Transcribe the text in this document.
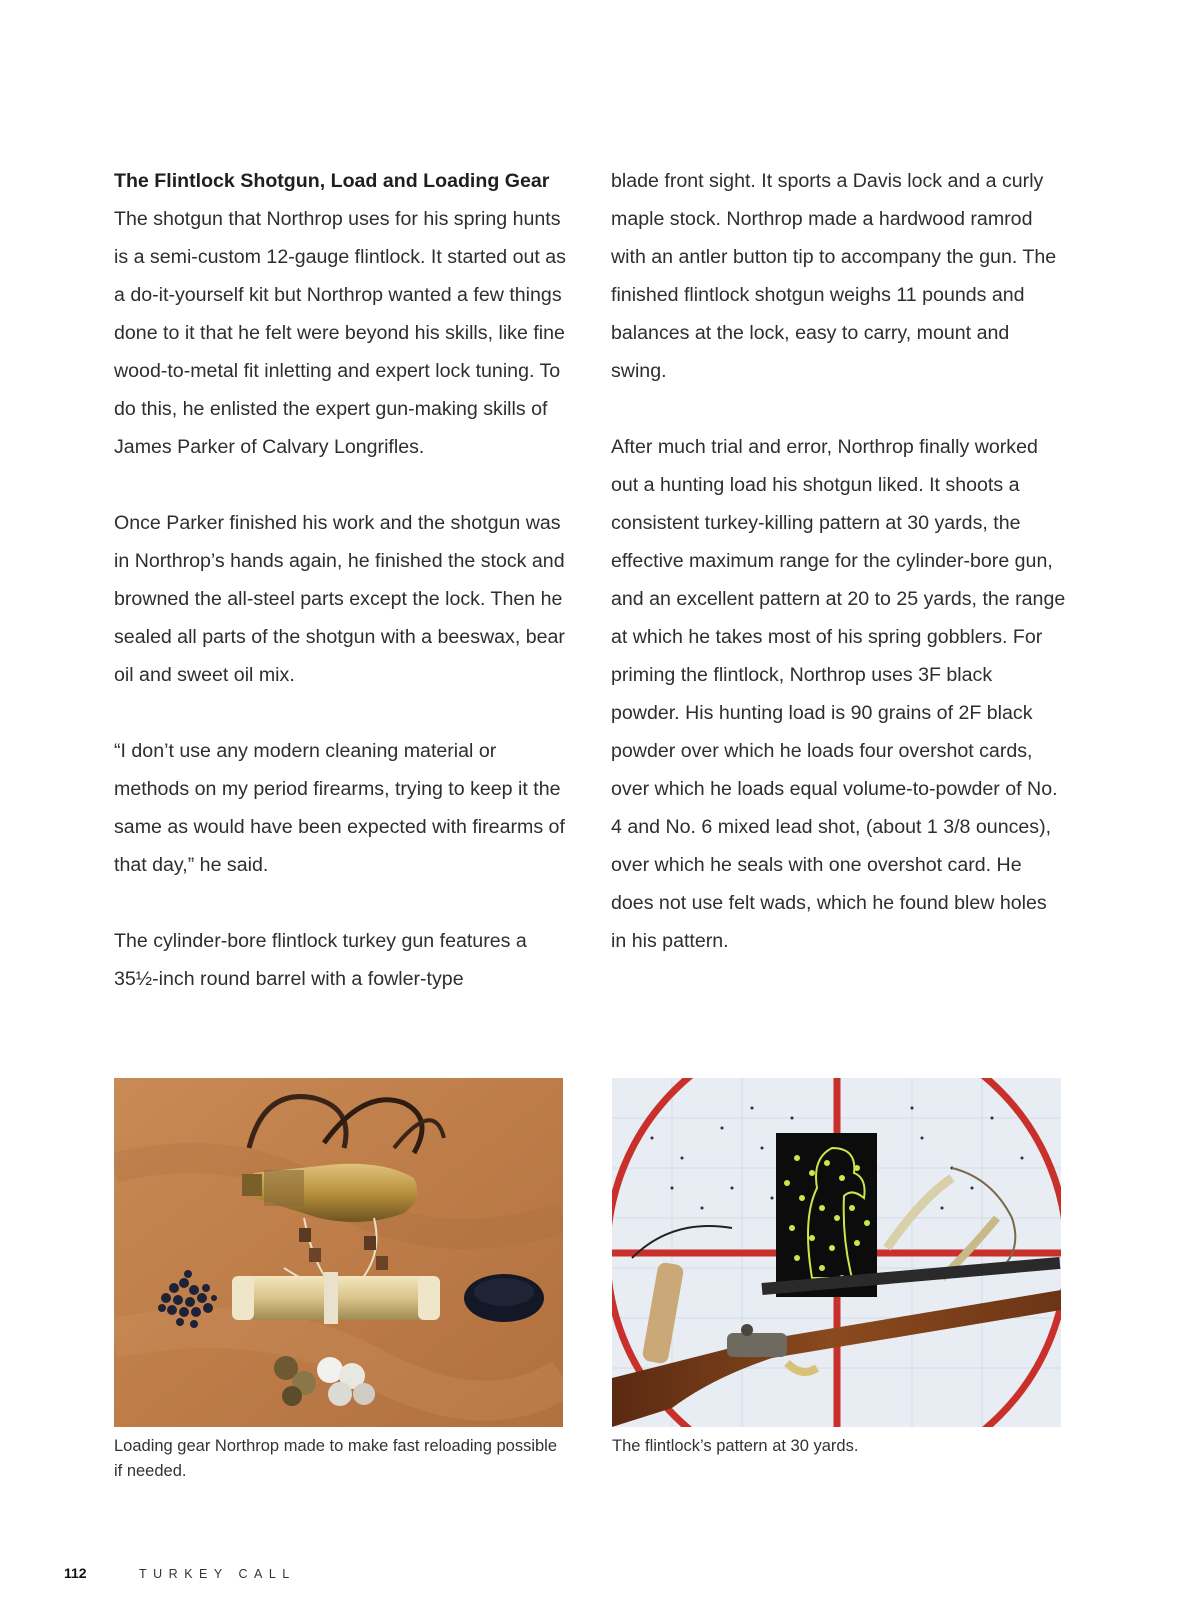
The Flintlock Shotgun, Load and Loading Gear
The shotgun that Northrop uses for his spring hunts is a semi-custom 12-gauge flintlock. It started out as a do-it-yourself kit but Northrop wanted a few things done to it that he felt were beyond his skills, like fine wood-to-metal fit inletting and expert lock tuning. To do this, he enlisted the expert gun-making skills of James Parker of Calvary Longrifles.

Once Parker finished his work and the shotgun was in Northrop’s hands again, he finished the stock and browned the all-steel parts except the lock. Then he sealed all parts of the shotgun with a beeswax, bear oil and sweet oil mix.

“I don’t use any modern cleaning material or methods on my period firearms, trying to keep it the same as would have been expected with firearms of that day,” he said.

The cylinder-bore flintlock turkey gun features a 35½-inch round barrel with a fowler-type

blade front sight. It sports a Davis lock and a curly maple stock. Northrop made a hardwood ramrod with an antler button tip to accompany the gun. The finished flintlock shotgun weighs 11 pounds and balances at the lock, easy to carry, mount and swing.

After much trial and error, Northrop finally worked out a hunting load his shotgun liked. It shoots a consistent turkey-killing pattern at 30 yards, the effective maximum range for the cylinder-bore gun, and an excellent pattern at 20 to 25 yards, the range at which he takes most of his spring gobblers. For priming the flintlock, Northrop uses 3F black powder. His hunting load is 90 grains of 2F black powder over which he loads four overshot cards, over which he loads equal volume-to-powder of No. 4 and No. 6 mixed lead shot, (about 1 3/8 ounces), over which he seals with one overshot card. He does not use felt wads, which he found blew holes in his pattern.

Loading gear Northrop made to make fast reloading possible if needed.
The flintlock’s pattern at 30 yards.
112	TURKEY CALL
